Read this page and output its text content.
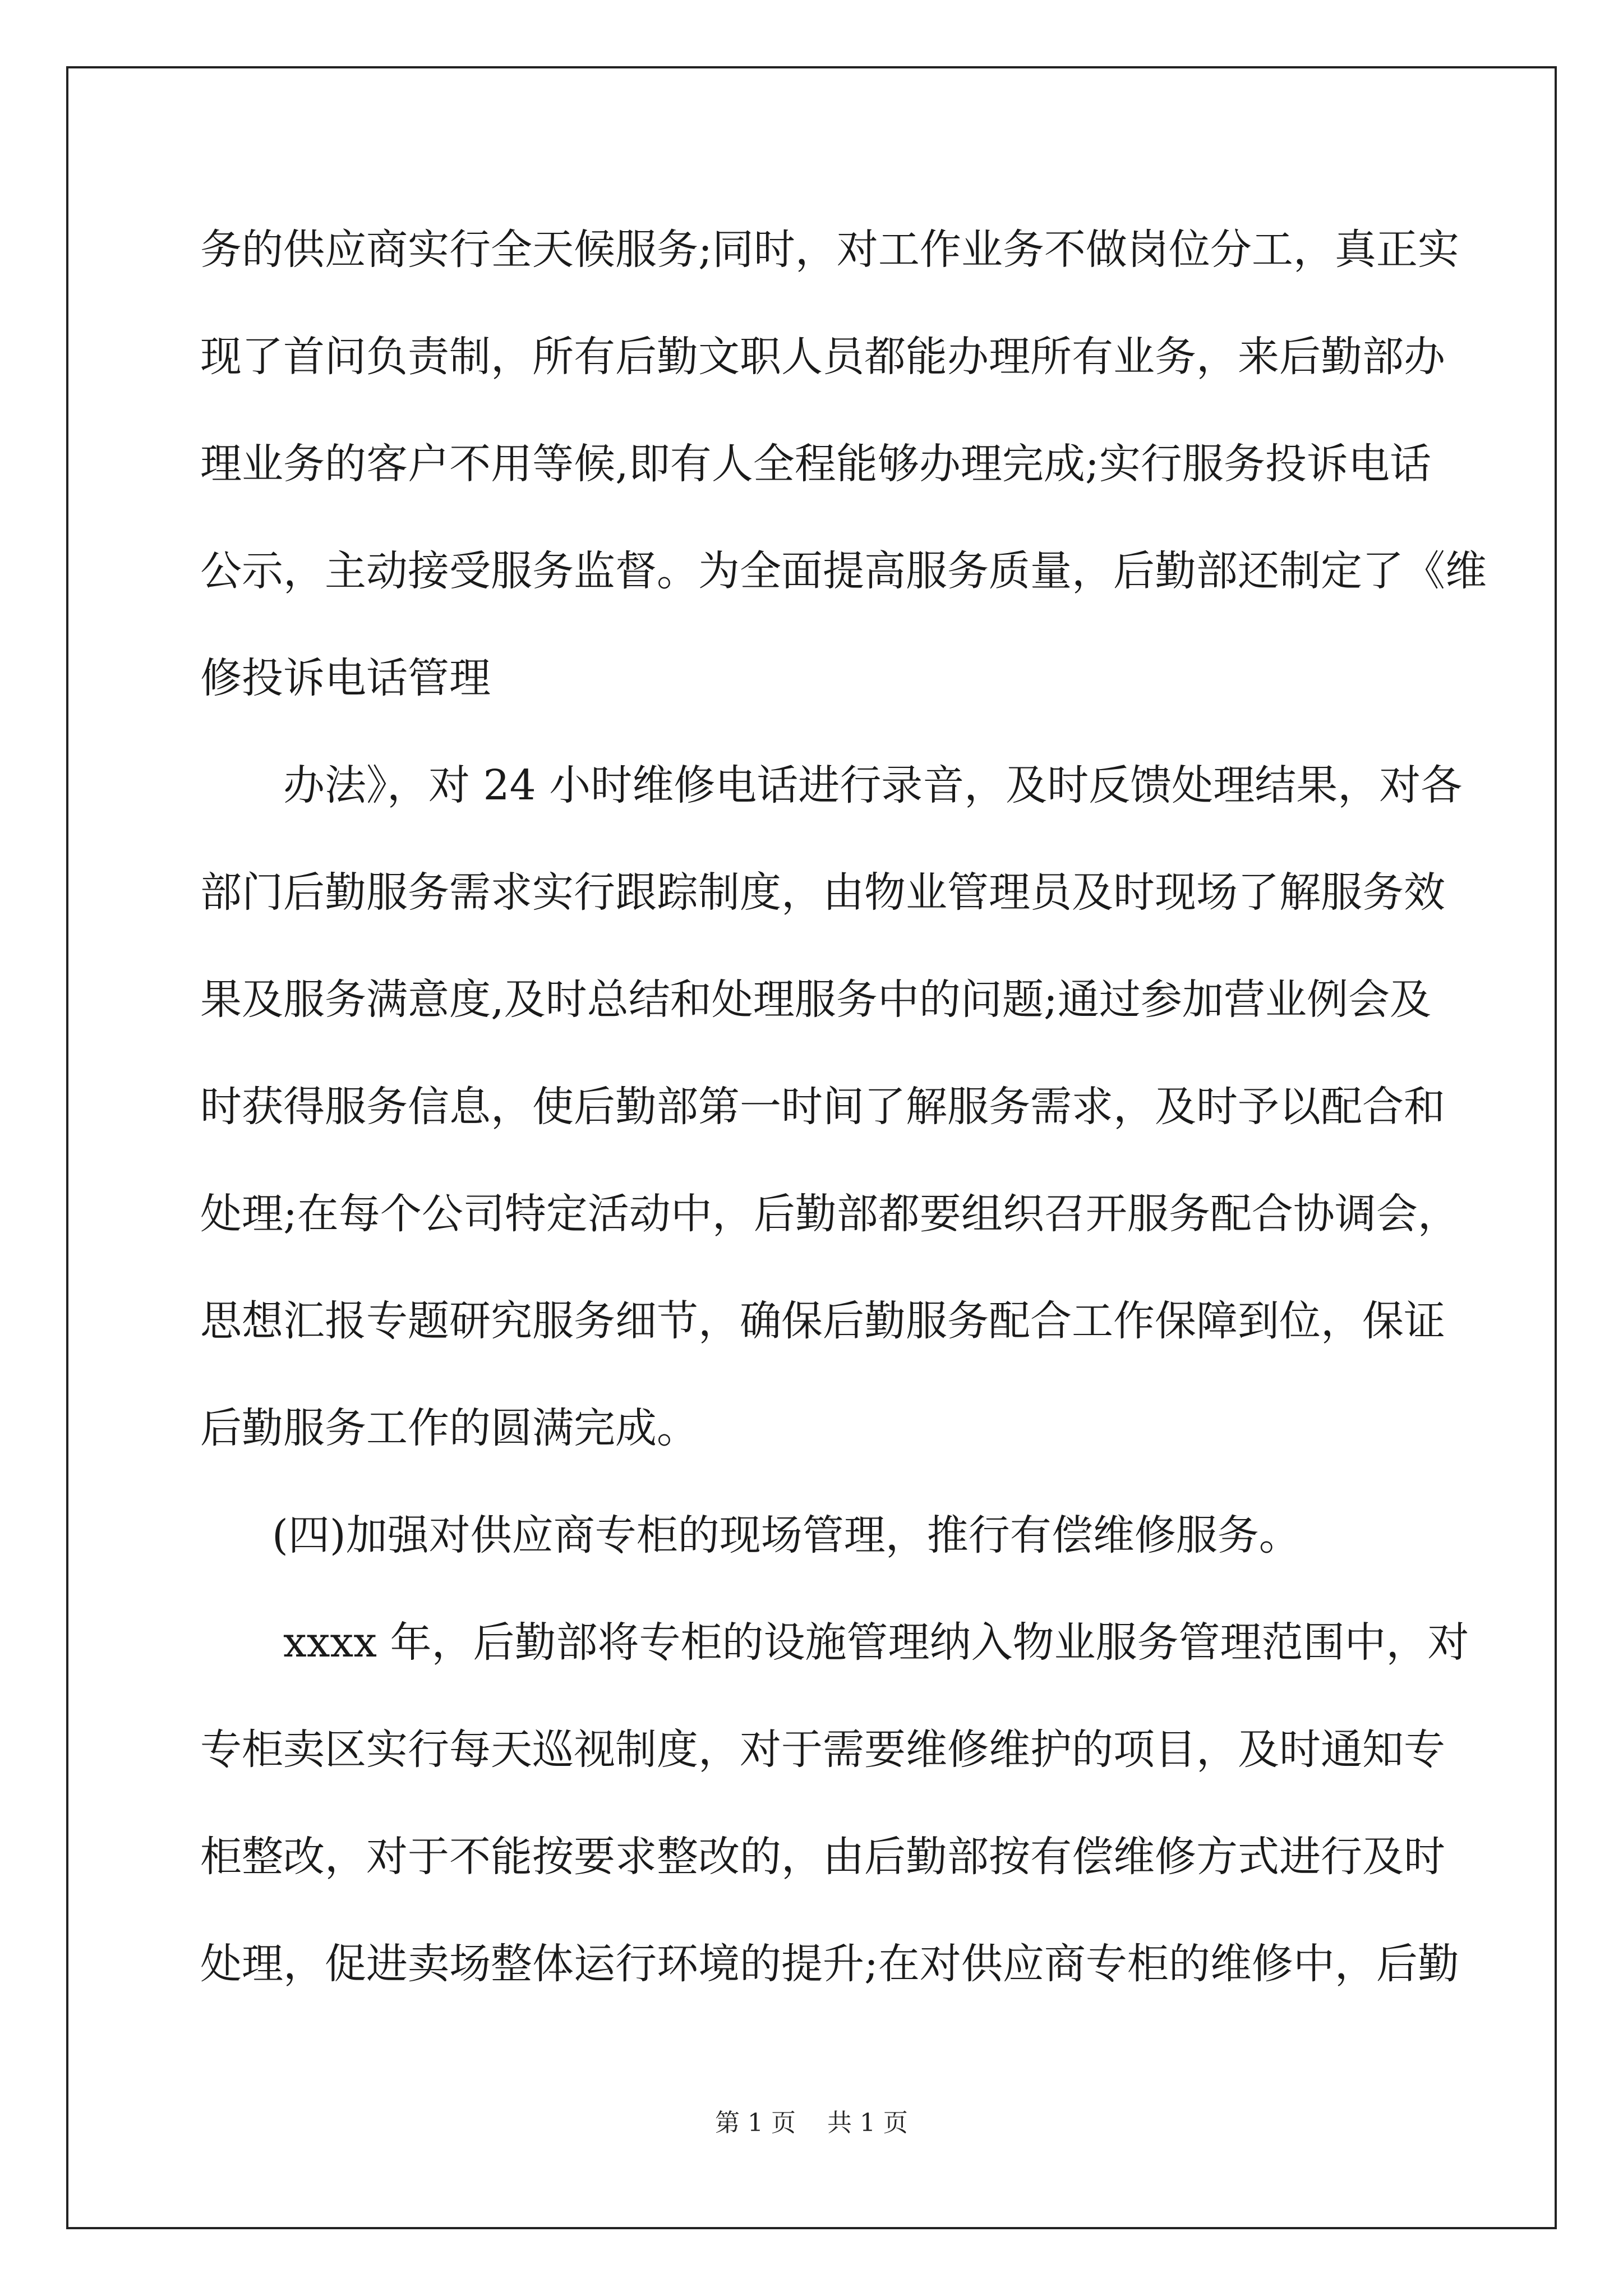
务的供应商实行全天候服务;同时，对工作业务不做岗位分工，真正实
现了首问负责制，所有后勤文职人员都能办理所有业务，来后勤部办
理业务的客户不用等候,即有人全程能够办理完成;实行服务投诉电话
公示，主动接受服务监督。为全面提高服务质量，后勤部还制定了《维
修投诉电话管理
办法》，对 24 小时维修电话进行录音，及时反馈处理结果，对各
部门后勤服务需求实行跟踪制度，由物业管理员及时现场了解服务效
果及服务满意度,及时总结和处理服务中的问题;通过参加营业例会及
时获得服务信息，使后勤部第一时间了解服务需求，及时予以配合和
处理;在每个公司特定活动中，后勤部都要组织召开服务配合协调会，
思想汇报专题研究服务细节，确保后勤服务配合工作保障到位，保证
后勤服务工作的圆满完成。
(四)加强对供应商专柜的现场管理，推行有偿维修服务。
xxxx 年，后勤部将专柜的设施管理纳入物业服务管理范围中，对
专柜卖区实行每天巡视制度，对于需要维修维护的项目，及时通知专
柜整改，对于不能按要求整改的，由后勤部按有偿维修方式进行及时
处理，促进卖场整体运行环境的提升;在对供应商专柜的维修中，后勤
第 1 页    共 1 页
